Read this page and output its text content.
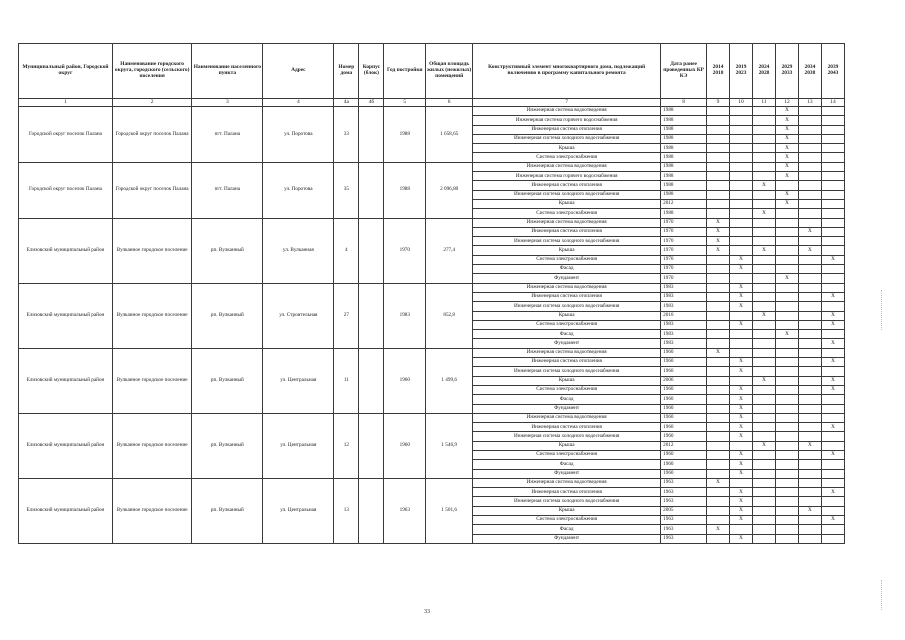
Муниципальный район, Городской округ	Наименование городского округа, городского (сельского) поселения	Наименование населенного пункта	Адрес	Номер дома	Корпус (блок)	Год постройки	Общая площадь жилых (нежилых) помещений	Конструктивный элемент многоквартирного дома, подлежащий включению в программу капитального ремонта	Дата ранее проведенных КР КЭ	2014 2018	2019 2023	2024 2028	2029 2033	2034 2038	2039 2043
1	2	3	4	4а	4б	5	6	7	8	9	10	11	12	13	14
Городской округ поселок Палана	Городской округ поселок Палана	пгт. Палана	ул. Поротова	33		1988	1 658,65	Инженерная система водоотведения	1988				X		
								Инженерная система горячего водоснабжения	1988				X		
								Инженерная система отопления	1988				X		
								Инженерная система холодного водоснабжения	1988				X		
								Крыша	1988				X		
								Система электроснабжения	1988				X		
Городской округ поселок Палана	Городской округ поселок Палана	пгт. Палана	ул. Поротова	35		1988	2 096,80	Инженерная система водоотведения	1988				X		
								Инженерная система горячего водоснабжения	1988				X		
								Инженерная система отопления	1988			X			
								Инженерная система холодного водоснабжения	1988				X		
								Крыша	2012				X		
								Система электроснабжения	1988			X			
Елизовский муниципальный район	Вулканное городское поселение	рп. Вулканный	ул. Вулканная	4		1970	277,4	Инженерная система водоотведения	1970	X					
								Инженерная система отопления	1970	X				X	
								Инженерная система холодного водоснабжения	1970	X					
								Крыша	1970	X		X		X	
								Система электроснабжения	1970		X				X
								Фасад	1970		X				
								Фундамент	1970				X		
Елизовский муниципальный район	Вулканное городское поселение	рп. Вулканный	ул. Строительная	27		1983	852,8	Инженерная система водоотведения	1983		X				
								Инженерная система отопления	1983		X				X
								Инженерная система холодного водоснабжения	1983		X				
								Крыша	2010			X			X
								Система электроснабжения	1983		X				X
								Фасад	1983				X		
								Фундамент	1983						X
Елизовский муниципальный район	Вулканное городское поселение	рп. Вулканный	ул. Центральная	11		1960	1 499,6	Инженерная система водоотведения	1960	X					
								Инженерная система отопления	1960		X				X
								Инженерная система холодного водоснабжения	1960		X				
								Крыша	2006			X			X
								Система электроснабжения	1960		X				X
								Фасад	1960		X				
								Фундамент	1960		X				
Елизовский муниципальный район	Вулканное городское поселение	рп. Вулканный	ул. Центральная	12		1960	1 546,9	Инженерная система водоотведения	1960		X				
								Инженерная система отопления	1960		X				X
								Инженерная система холодного водоснабжения	1960		X				
								Крыша	2012			X		X	
								Система электроснабжения	1960		X				X
								Фасад	1960		X				
								Фундамент	1960		X				
Елизовский муниципальный район	Вулканное городское поселение	рп. Вулканный	ул. Центральная	13		1963	1 501,6	Инженерная система водоотведения	1963	X					
								Инженерная система отопления	1963		X				X
								Инженерная система холодного водоснабжения	1963		X				
								Крыша	2005		X			X	
								Система электроснабжения	1963		X				X
								Фасад	1963	X					
								Фундамент	1963		X				
33
